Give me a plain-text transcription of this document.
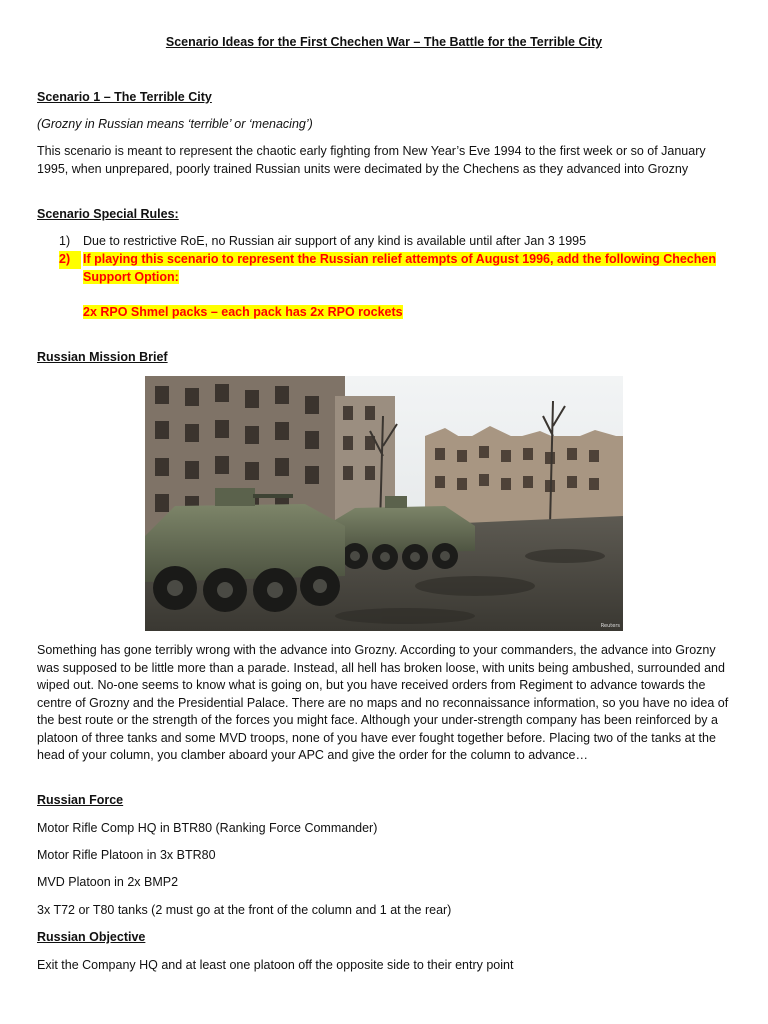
Scenario Ideas for the First Chechen War – The Battle for the Terrible City
Scenario 1 – The Terrible City
(Grozny in Russian means ‘terrible’ or ‘menacing’)
This scenario is meant to represent the chaotic early fighting from New Year’s Eve 1994 to the first week or so of January 1995, when unprepared, poorly trained Russian units were decimated by the Chechens as they advanced into Grozny
Scenario Special Rules:
1)	Due to restrictive RoE, no Russian air support of any kind is available until after Jan 3 1995
2)	If playing this scenario to represent the Russian relief attempts of August 1996, add the following Chechen Support Option:
2x RPO Shmel packs – each pack has 2x RPO rockets
Russian Mission Brief
Reuters
Something has gone terribly wrong with the advance into Grozny. According to your commanders, the advance into Grozny was supposed to be little more than a parade. Instead, all hell has broken loose, with units being ambushed, surrounded and wiped out. No-one seems to know what is going on, but you have received orders from Regiment to advance towards the centre of Grozny and the Presidential Palace. There are no maps and no reconnaissance information, so you have no idea of the best route or the strength of the forces you might face. Although your under-strength company has been reinforced by a platoon of three tanks and some MVD troops, none of you have ever fought together before. Placing two of the tanks at the head of your column, you clamber aboard your APC and give the order for the column to advance…
Russian Force
Motor Rifle Comp HQ in BTR80 (Ranking Force Commander)
Motor Rifle Platoon in 3x BTR80
MVD Platoon in 2x BMP2
3x T72 or T80 tanks (2 must go at the front of the column and 1 at the rear)
Russian Objective
Exit the Company HQ and at least one platoon off the opposite side to their entry point
